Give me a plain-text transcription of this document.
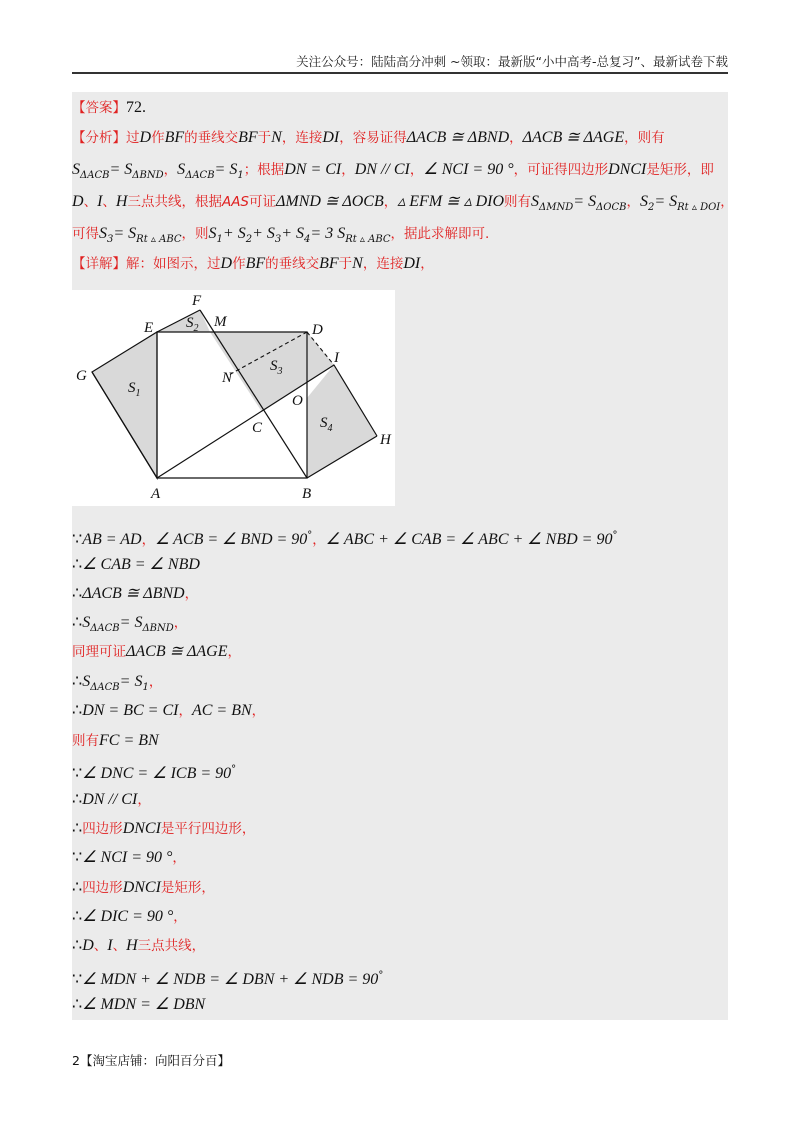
关注公众号：陆陆高分冲刺 ~领取：最新版“小中高考-总复习”、最新试卷下载
【答案】72.
【分析】过D作BF的垂线交BF于N，连接DI，容易证得ΔACB ≅ ΔBND，ΔACB ≅ ΔAGE，则有
$S_{\Delta ACB}= S_{\Delta BND}$，$S_{\Delta ACB}= S_1$；根据DN = CI，DN // CI，∠ NCI = 90 °，可证得四边形DNCI是矩形，即
D、I、H三点共线，根据AAS可证ΔMND ≅ ΔOCB，▵ EFM ≅ ▵ DIO则有$S_{\Delta MND}= S_{\Delta OCB}$，$S_2= S_{Rt ▵ DOI}$，
可得$S_3= S_{Rt ▵ ABC}$，则$S_1+ S_2+ S_3+ S_4= 3$ $S_{Rt ▵ ABC}$，据此求解即可.
【详解】解：如图示，过D作BF的垂线交BF于N，连接DI，
A	B
C
D
E
F
G
H
I
M
N
O
$S_1$
$S_2$
$S_3$
$S_4$
∵AB = AD，∠ ACB = ∠ BND = 90°，∠ ABC + ∠ CAB = ∠ ABC + ∠ NBD = 90°
∴∠ CAB = ∠ NBD
∴ΔACB ≅ ΔBND，
$\therefore S_{\Delta ACB}= S_{\Delta BND}$，
同理可证ΔACB ≅ ΔAGE，
$\therefore S_{\Delta ACB}= S_1$，
∴DN = BC = CI，AC = BN，
则有FC = BN
∵∠ DNC = ∠ ICB = 90°
∴DN // CI，
∴四边形DNCI是平行四边形，
∵∠ NCI = 90 °，
∴四边形DNCI是矩形，
∴∠ DIC = 90 °，
∴D、I、H三点共线，
∵∠ MDN + ∠ NDB = ∠ DBN + ∠ NDB = 90°
∴∠ MDN = ∠ DBN
2【淘宝店铺：向阳百分百】
